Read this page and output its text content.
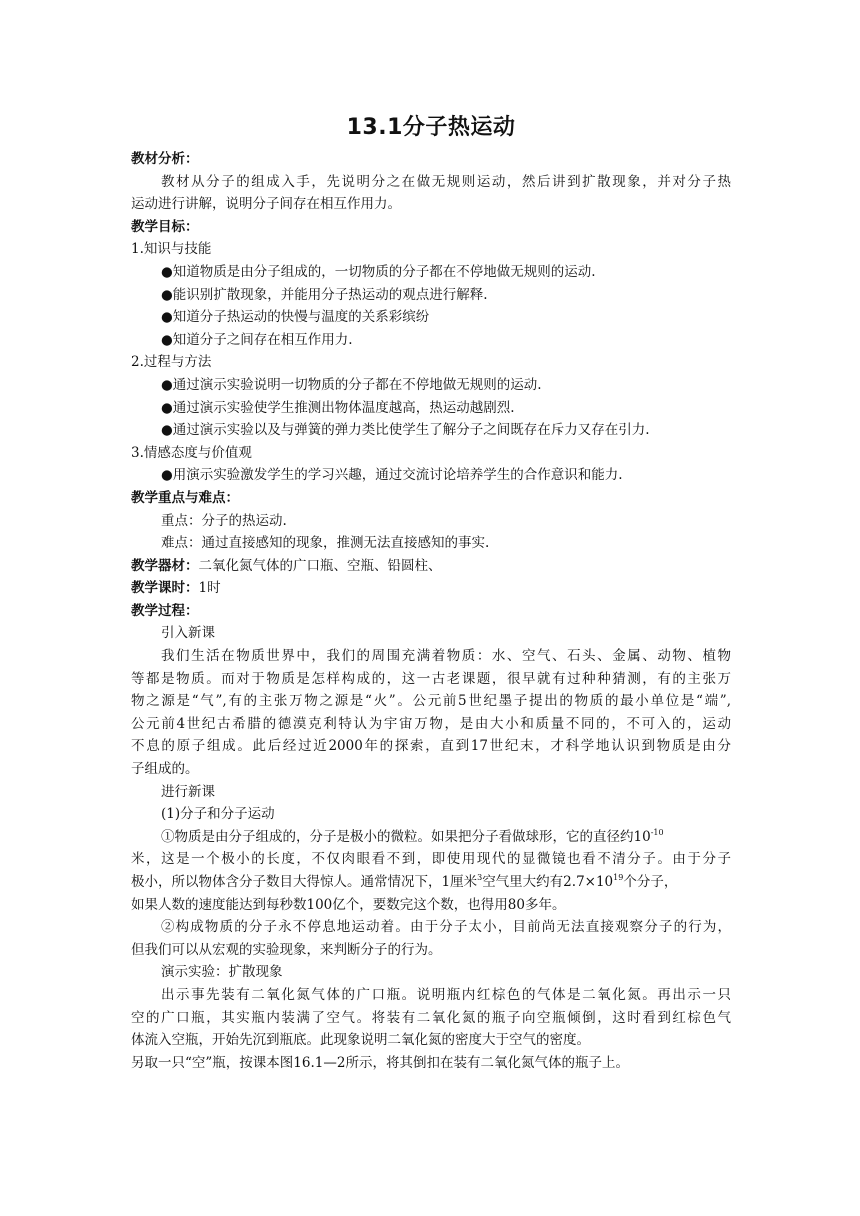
13.1分子热运动
教材分析：
教材从分子的组成入手，先说明分之在做无规则运动，然后讲到扩散现象，并对分子热
运动进行讲解，说明分子间存在相互作用力。
教学目标：
1.知识与技能
●知道物质是由分子组成的，一切物质的分子都在不停地做无规则的运动.
●能识别扩散现象，并能用分子热运动的观点进行解释.
●知道分子热运动的快慢与温度的关系彩缤纷
●知道分子之间存在相互作用力.
2.过程与方法
●通过演示实验说明一切物质的分子都在不停地做无规则的运动.
●通过演示实验使学生推测出物体温度越高，热运动越剧烈.
●通过演示实验以及与弹簧的弹力类比使学生了解分子之间既存在斥力又存在引力.
3.情感态度与价值观
●用演示实验激发学生的学习兴趣，通过交流讨论培养学生的合作意识和能力.
教学重点与难点：
重点：分子的热运动.
难点：通过直接感知的现象，推测无法直接感知的事实.
教学器材：二氧化氮气体的广口瓶、空瓶、铅圆柱、
教学课时：1时
教学过程：
引入新课
我们生活在物质世界中，我们的周围充满着物质：水、空气、石头、金属、动物、植物
等都是物质。而对于物质是怎样构成的，这一古老课题，很早就有过种种猜测，有的主张万
物之源是“气”,有的主张万物之源是“火”。公元前5世纪墨子提出的物质的最小单位是“端”,
公元前4世纪古希腊的德漠克利特认为宇宙万物，是由大小和质量不同的，不可入的，运动
不息的原子组成。此后经过近2000年的探索，直到17世纪末，才科学地认识到物质是由分
子组成的。
进行新课
(1)分子和分子运动
①物质是由分子组成的，分子是极小的微粒。如果把分子看做球形，它的直径约$10^{-10}$
米，这是一个极小的长度，不仅肉眼看不到，即使用现代的显微镜也看不清分子。由于分子
极小，所以物体含分子数目大得惊人。通常情况下，1厘米$^3$空气里大约有$2.7\times 10^{19}$个分子，
如果人数的速度能达到每秒数100亿个，要数完这个数，也得用80多年。
②构成物质的分子永不停息地运动着。由于分子太小，目前尚无法直接观察分子的行为，
但我们可以从宏观的实验现象，来判断分子的行为。
演示实验：扩散现象
出示事先装有二氧化氮气体的广口瓶。说明瓶内红棕色的气体是二氧化氮。再出示一只
空的广口瓶，其实瓶内装满了空气。将装有二氧化氮的瓶子向空瓶倾倒，这时看到红棕色气
体流入空瓶，开始先沉到瓶底。此现象说明二氧化氮的密度大于空气的密度。
另取一只“空”瓶，按课本图16.1—2所示，将其倒扣在装有二氧化氮气体的瓶子上。
